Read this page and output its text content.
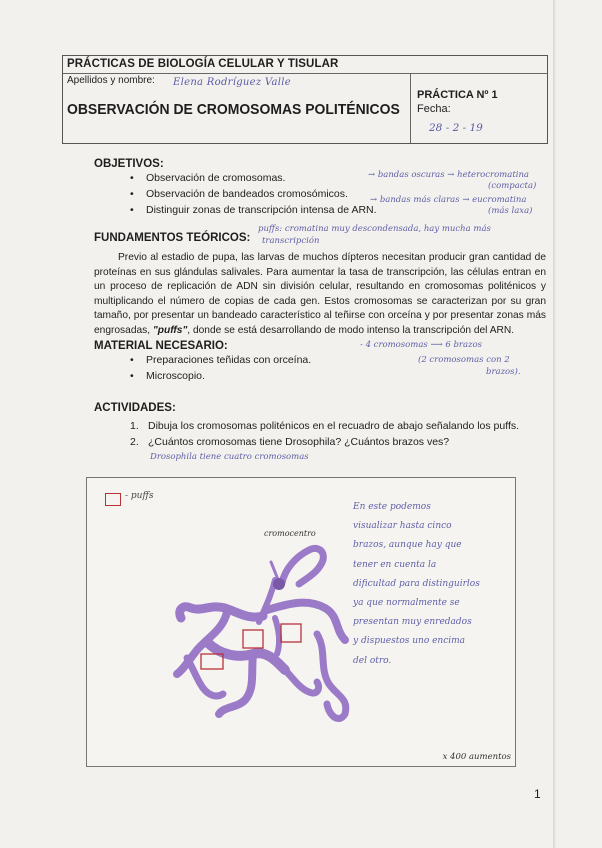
PRÁCTICAS DE BIOLOGÍA CELULAR Y TISULAR
Apellidos y nombre: Elena Rodríguez Valle
OBSERVACIÓN DE CROMOSOMAS POLITÉNICOS
PRÁCTICA Nº 1
Fecha:
28 - 2 - 19
OBJETIVOS:
• Observación de cromosomas.
• Observación de bandeados cromosómicos.
• Distinguir zonas de transcripción intensa de ARN.
→ bandas oscuras → heterocromatina
(compacta)
→ bandas más claras → eucromatina
(más laxa)
FUNDAMENTOS TEÓRICOS:
puffs: cromatina muy descondensada, hay mucha más
transcripción
Previo al estadio de pupa, las larvas de muchos dípteros necesitan producir gran cantidad de proteínas en sus glándulas salivales. Para aumentar la tasa de transcripción, las células entran en un proceso de replicación de ADN sin división celular, resultando en cromosomas politénicos y multiplicando el número de copias de cada gen. Estos cromosomas se caracterizan por su gran tamaño, por presentar un bandeado característico al teñirse con orceína y por presentar zonas más engrosadas, "puffs", donde se está desarrollando de modo intenso la transcripción del ARN.
MATERIAL NECESARIO:
• Preparaciones teñidas con orceína.
• Microscopio.
- 4 cromosomas ⟶ 6 brazos
(2 cromosomas con 2
brazos).
ACTIVIDADES:
1. Dibuja los cromosomas politénicos en el recuadro de abajo señalando los puffs.
2. ¿Cuántos cromosomas tiene Drosophila? ¿Cuántos brazos ves?
Drosophila tiene cuatro cromosomas
- puffs
cromocentro
En este podemos
visualizar hasta cinco
brazos, aunque hay que
tener en cuenta la
dificultad para distinguirlos
ya que normalmente se
presentan muy enredados
y dispuestos uno encima
del otro.
x 400 aumentos
1
